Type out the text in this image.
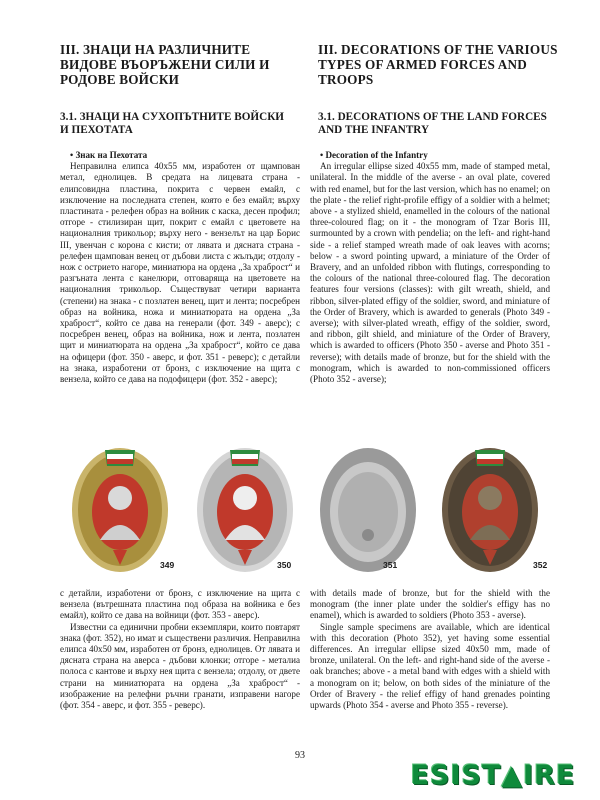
III. ЗНАЦИ НА РАЗЛИЧНИТЕ ВИДОВЕ ВЪОРЪЖЕНИ СИЛИ И РОДОВЕ ВОЙСКИ
III. DECORATIONS OF THE VARIOUS TYPES OF ARMED FORCES AND TROOPS
3.1. ЗНАЦИ НА СУХОПЪТНИТЕ ВОЙСКИ И ПЕХОТАТА
3.1. DECORATIONS OF THE LAND FORCES AND THE INFANTRY
• Знак на Пехотата

Неправилна елипса 40х55 мм, изработен от щампован метал, еднолицев. В средата на лицевата страна - елипсовидна пластина, покрита с червен емайл, с изключение на последната степен, която е без емайл; върху пластината - релефен образ на войник с каска, десен профил; отгоре - стилизиран щит, покрит с емайл с цветовете на националния трикольор; върху него - вензелът на цар Борис III, увенчан с корона с кисти; от лявата и дясната страна - релефен щампован венец от дъбови листа с жълъди; отдолу - нож с острието нагоре, миниатюра на ордена „За храброст“ и разгъната лента с канелюри, отговаряща на цветовете на националния трикольор. Съществуват четири варианта (степени) на знака - с позлатен венец, щит и лента; посребрен образ на войника, ножа и миниатюрата на ордена „За храброст“, който се дава на генерали (фот. 349 - аверс); с посребрен венец, образ на войника, нож и лента, позлатен щит и миниатюрата на ордена „За храброст“, който се дава на офицери (фот. 350 - аверс, и фот. 351 - реверс); с детайли на знака, изработени от бронз, с изключение на щита с вензела, който се дава на подофицери (фот. 352 - аверс);

• Decoration of the Infantry

An irregular ellipse sized 40x55 mm, made of stamped metal, unilateral. In the middle of the averse - an oval plate, covered with red enamel, but for the last version, which has no enamel; on the plate - the relief right-profile effigy of a soldier with a helmet; above - a stylized shield, enamelled in the colours of the national three-coloured flag; on it - the monogram of Tzar Boris III, surmounted by a crown with pendelia; on the left- and right-hand side - a relief stamped wreath made of oak leaves with acorns; below - a sword pointing upward, a miniature of the Order of Bravery, and an unfolded ribbon with flutings, corresponding to the colours of the national three-coloured flag. The decoration features four versions (classes): with gilt wreath, shield, and ribbon, silver-plated effigy of the soldier, sword, and miniature of the Order of Bravery, which is awarded to generals (Photo 349 - averse); with silver-plated wreath, effigy of the soldier, sword, and ribbon, gilt shield, and miniature of the Order of Bravery, which is awarded to officers (Photo 350 - averse and Photo 351 - reverse); with details made of bronze, but for the shield with the monogram, which is awarded to non-commissioned officers (Photo 352 - averse);

349	350	351	352

с детайли, изработени от бронз, с изключение на щита с вензела (вътрешната пластина под образа на войника е без емайл), който се дава на войници (фот. 353 - аверс).

Известни са единични пробни екземпляри, които повтарят знака (фот. 352), но имат и съществени различия. Неправилна елипса 40х50 мм, изработен от бронз, еднолицев. От лявата и дясната страна на аверса - дъбови клонки; отгоре - металиа полоса с кантове и върху нея щита с вензела; отдолу, от двете страни на миниатюрата на ордена „За храброст“ - изображение на релефни ръчни гранати, изправени нагоре (фот. 354 - аверс, и фот. 355 - реверс).

with details made of bronze, but for the shield with the monogram (the inner plate under the soldier's effigy has no enamel), which is awarded to soldiers (Photo 353 - averse).

Single sample specimens are available, which are identical with this decoration (Photo 352), yet having some essential differences. An irregular ellipse sized 40x50 mm, made of bronze, unilateral. On the left- and right-hand side of the averse - oak branches; above - a metal band with edges with a shield with a monogram on it; below, on both sides of the miniature of the Order of Bravery - the relief effigy of hand grenades pointing upwards (Photo 354 - averse and Photo 355 - reverse).

93
ESIST▲IRE
